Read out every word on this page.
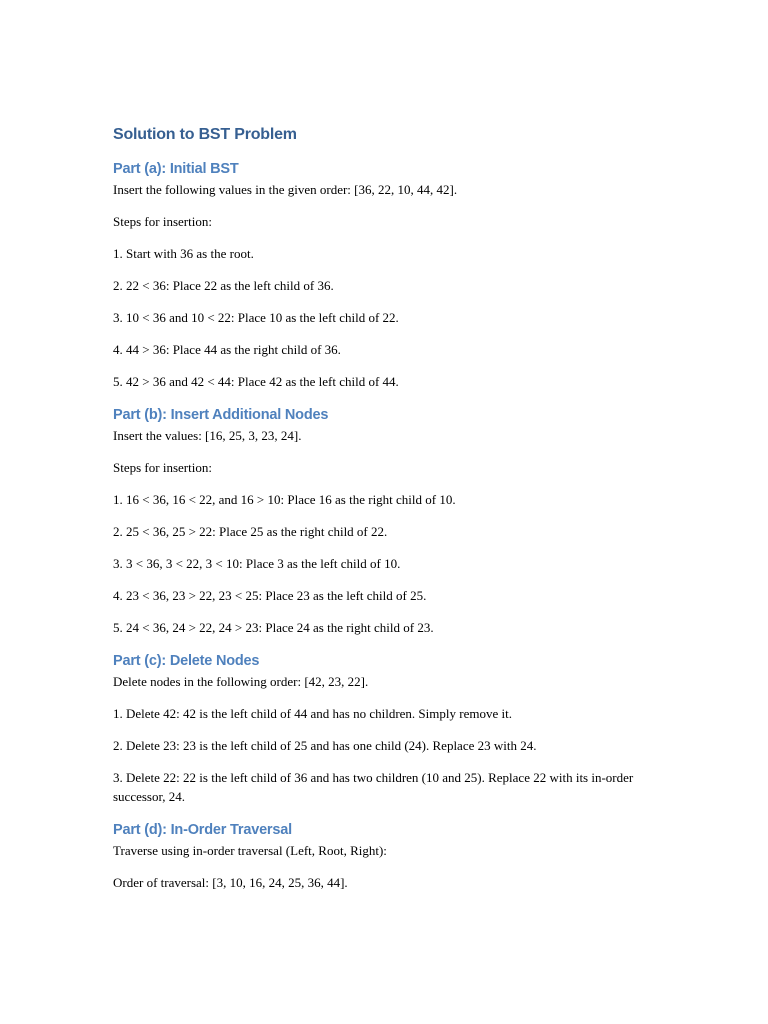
Solution to BST Problem
Part (a): Initial BST

Insert the following values in the given order: [36, 22, 10, 44, 42].

Steps for insertion:

1. Start with 36 as the root.

2. 22 < 36: Place 22 as the left child of 36.

3. 10 < 36 and 10 < 22: Place 10 as the left child of 22.

4. 44 > 36: Place 44 as the right child of 36.

5. 42 > 36 and 42 < 44: Place 42 as the left child of 44.

Part (b): Insert Additional Nodes

Insert the values: [16, 25, 3, 23, 24].

Steps for insertion:

1. 16 < 36, 16 < 22, and 16 > 10: Place 16 as the right child of 10.

2. 25 < 36, 25 > 22: Place 25 as the right child of 22.

3. 3 < 36, 3 < 22, 3 < 10: Place 3 as the left child of 10.

4. 23 < 36, 23 > 22, 23 < 25: Place 23 as the left child of 25.

5. 24 < 36, 24 > 22, 24 > 23: Place 24 as the right child of 23.

Part (c): Delete Nodes

Delete nodes in the following order: [42, 23, 22].

1. Delete 42: 42 is the left child of 44 and has no children. Simply remove it.

2. Delete 23: 23 is the left child of 25 and has one child (24). Replace 23 with 24.

3. Delete 22: 22 is the left child of 36 and has two children (10 and 25). Replace 22 with its in-order successor, 24.

Part (d): In-Order Traversal

Traverse using in-order traversal (Left, Root, Right):

Order of traversal: [3, 10, 16, 24, 25, 36, 44].
